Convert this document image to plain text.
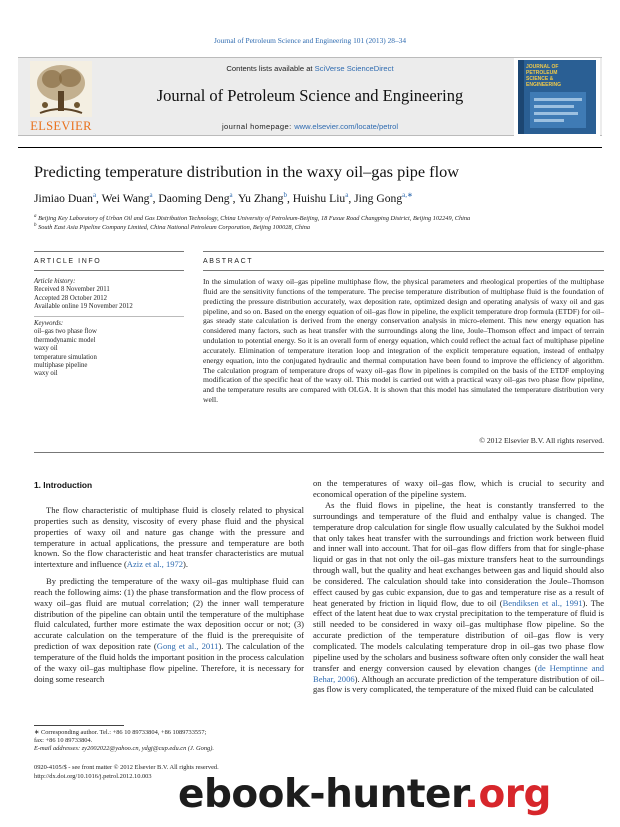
Journal of Petroleum Science and Engineering 101 (2013) 28–34
ELSEVIER
Contents lists available at SciVerse ScienceDirect
Journal of Petroleum Science and Engineering
journal homepage: www.elsevier.com/locate/petrol
JOURNAL OF
PETROLEUM
SCIENCE &
ENGINEERING
Predicting temperature distribution in the waxy oil–gas pipe flow
Jimiao Duan$^a$, Wei Wang$^a$, Daoming Deng$^a$, Yu Zhang$^b$, Huishu Liu$^a$, Jing Gong$^{a,∗}$
$^a$ Beijing Key Laboratory of Urban Oil and Gas Distribution Technology, China University of Petroleum-Beijing, 18 Fuxue Road Changping District, Beijing 102249, China
$^b$ South East Asia Pipeline Company Limited, China National Petroleum Corporation, Beijing 100028, China
ARTICLE INFO	ABSTRACT
Article history:
Received 8 November 2011
Accepted 28 October 2012
Available online 19 November 2012
Keywords:
oil–gas two phase flow
thermodynamic model
waxy oil
temperature simulation
multiphase pipeline
waxy oil
In the simulation of waxy oil–gas pipeline multiphase flow, the physical parameters and rheological properties of the multiphase fluid are the sensitivity functions of the temperature. The precise temperature distribution of multiphase fluid is the foundation of predicting the pressure distribution accurately, wax deposition rate, optimized design and operating analysis of waxy oil and gas pipeline, and so on. Based on the energy equation of oil–gas flow in pipeline, the explicit temperature drop formula (ETDF) for oil–gas steady state calculation is derived from the energy conservation analysis in micro-element. This new energy equation has considered many factors, such as heat transfer with the surroundings along the line, Joule–Thomson effect and impact of terrain undulation to potential energy. So it is an overall form of energy equation, which could reflect the actual fact of multiphase pipeline accurately. Elimination of temperature iteration loop and integration of the explicit temperature equation, instead of enthalpy energy equation, into the conjugated hydraulic and thermal computation have been found to improve the efficiency of algorithm. The calculation program of temperature drops of waxy oil–gas flow in pipelines is compiled on the basis of the ETDF employing modification of the specific heat of the waxy oil. This model is carried out with a practical waxy oil–gas two phase flow pipeline, and the temperature results are compared with OLGA. It is shown that this model has simulated the temperature distribution very well.
© 2012 Elsevier B.V. All rights reserved.
1. Introduction
The flow characteristic of multiphase fluid is closely related to physical properties such as density, viscosity of every phase fluid and the physical properties of waxy oil and nature gas change with the pressure and temperature in actual applications, the pressure and temperature are both known. So the flow characteristic and heat transfer characteristics are mutual intertexture and influence (Aziz et al., 1972).
By predicting the temperature of the waxy oil–gas multiphase fluid can reach the following aims: (1) the phase transformation and the flow process of waxy oil–gas fluid are mutual correlation; (2) the inner wall temperature distribution of the pipeline can obtain until the temperature of the multiphase fluid calculated, further more estimate the wax deposition occur or not; (3) accurate calculation on the temperature of the fluid is the prerequisite of prediction of wax deposition rate (Gong et al., 2011). The calculation of the temperature of the fluid holds the important position in the process calculation of the waxy oil–gas multiphase flow pipeline. Therefore, it is necessary for doing some research
on the temperatures of waxy oil–gas flow, which is crucial to security and economical operation of the pipeline system.
As the fluid flows in pipeline, the heat is constantly transferred to the surroundings and temperature of the fluid and enthalpy value is changed. The temperature drop calculation for single flow usually calculated by the Sukhoi model that only takes heat transfer with the surroundings and friction work between fluid and inner wall into account. That for oil–gas flow differs from that for single-phase liquid or gas in that not only the oil–gas mixture transfers heat to the surroundings through wall, but the quality and heat exchanges between gas and liquid should also be considered. The calculation should take into consideration the Joule–Thomson effect caused by gas cubic expansion, due to gas and temperature rise as a result of heat generated by friction in liquid flow, due to oil (Bendiksen et al., 1991). The effect of the latent heat due to wax crystal precipitation to the temperature of fluid is still needed to be considered in waxy oil–gas multiphase flow pipeline. So the accurate prediction of the temperature distribution of oil–gas flow is very complicated. The models calculating temperature drop in oil–gas two phase flow pipeline used by the scholars and business software often only consider the wall heat transfer and energy conversion caused by elevation changes (de Hemptinne and Behar, 2006). Although an accurate prediction of the temperature distribution of oil–gas flow is very complicated, the temperature of the mixed fluid can be calculated
∗ Corresponding author. Tel.: +86 10 89733804, +86 1089733557;
fax: +86 10 89733804.
E-mail addresses: zy2002022@yahoo.cn, ydgj@cup.edu.cn (J. Gong).
0920-4105/$ - see front matter © 2012 Elsevier B.V. All rights reserved.
http://dx.doi.org/10.1016/j.petrol.2012.10.003 ebook-hunter.org
